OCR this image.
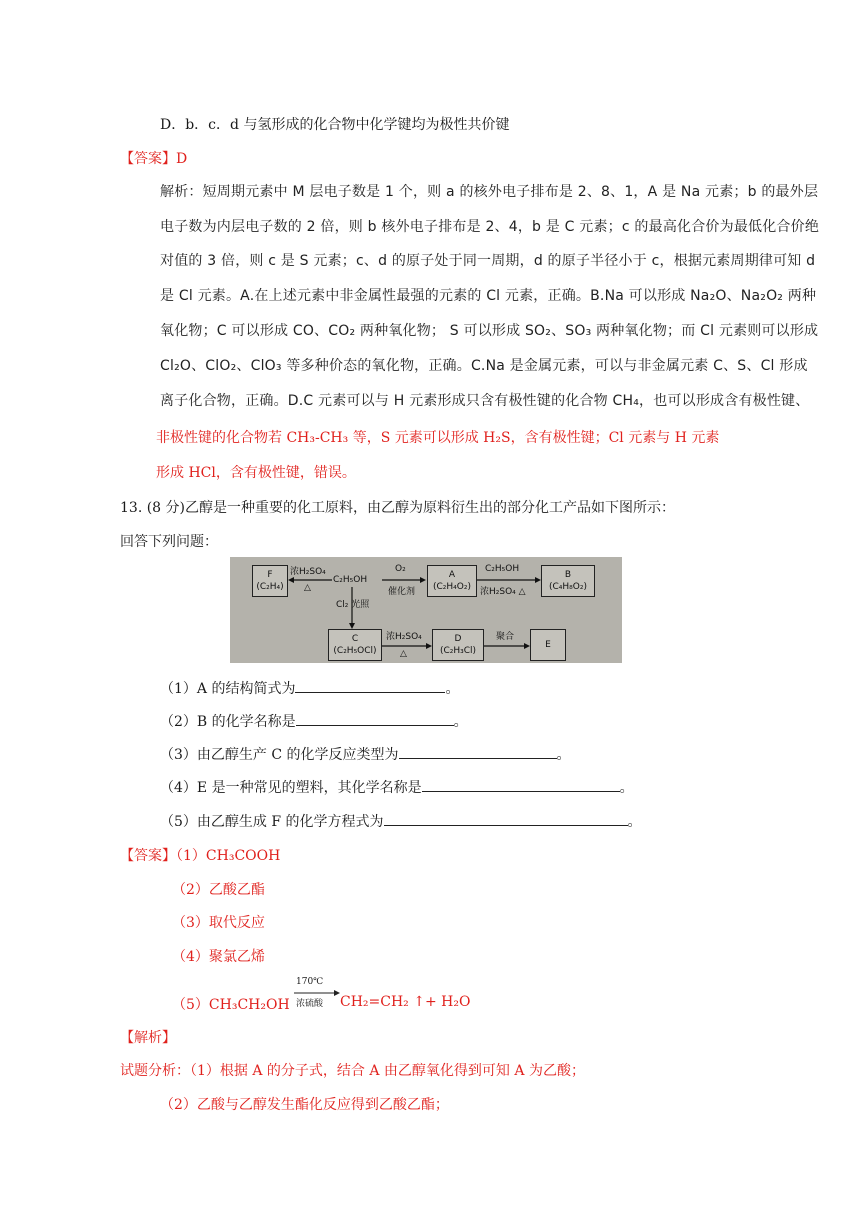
D．b．c．d 与氢形成的化合物中化学键均为极性共价键
【答案】D
解析：短周期元素中 M 层电子数是 1 个，则 a 的核外电子排布是 2、8、1，A 是 Na 元素；b 的最外层
电子数为内层电子数的 2 倍，则 b 核外电子排布是 2、4，b 是 C 元素；c 的最高化合价为最低化合价绝
对值的 3 倍，则 c 是 S 元素；c、d 的原子处于同一周期，d 的原子半径小于 c，根据元素周期律可知 d
是 Cl 元素。A.在上述元素中非金属性最强的元素的 Cl 元素，正确。B.Na 可以形成 Na₂O、Na₂O₂ 两种
氧化物；C 可以形成 CO、CO₂ 两种氧化物； S 可以形成 SO₂、SO₃ 两种氧化物；而 Cl 元素则可以形成
Cl₂O、ClO₂、ClO₃ 等多种价态的氧化物，正确。C.Na 是金属元素，可以与非金属元素 C、S、Cl 形成
离子化合物，正确。D.C 元素可以与 H 元素形成只含有极性键的化合物 CH₄，也可以形成含有极性键、
非极性键的化合物若 CH₃-CH₃ 等，S 元素可以形成 H₂S，含有极性键；Cl 元素与 H 元素
形成 HCl，含有极性键，错误。
13. (8 分)乙醇是一种重要的化工原料，由乙醇为原料衍生出的部分化工产品如下图所示：
回答下列问题：
F
(C₂H₄)
浓H₂SO₄
△
C₂H₅OH
O₂
催化剂
A
(C₂H₄O₂)
C₂H₅OH
浓H₂SO₄ △
B
(C₄H₈O₂)
Cl₂ 光照
C
(C₂H₅OCl)
浓H₂SO₄
△
D
(C₂H₃Cl)
聚合
E
（1）A 的结构简式为	。
（2）B 的化学名称是	。
（3）由乙醇生产 C 的化学反应类型为	。
（4）E 是一种常见的塑料，其化学名称是	。
（5）由乙醇生成 F 的化学方程式为	。
【答案】（1）CH₃COOH
（2）乙酸乙酯
（3）取代反应
（4）聚氯乙烯
（5）CH₃CH₂OH
170℃
浓硫酸 CH₂=CH₂ ↑+ H₂O
【解析】
试题分析：（1）根据 A 的分子式，结合 A 由乙醇氧化得到可知 A 为乙酸；
（2）乙酸与乙醇发生酯化反应得到乙酸乙酯；
